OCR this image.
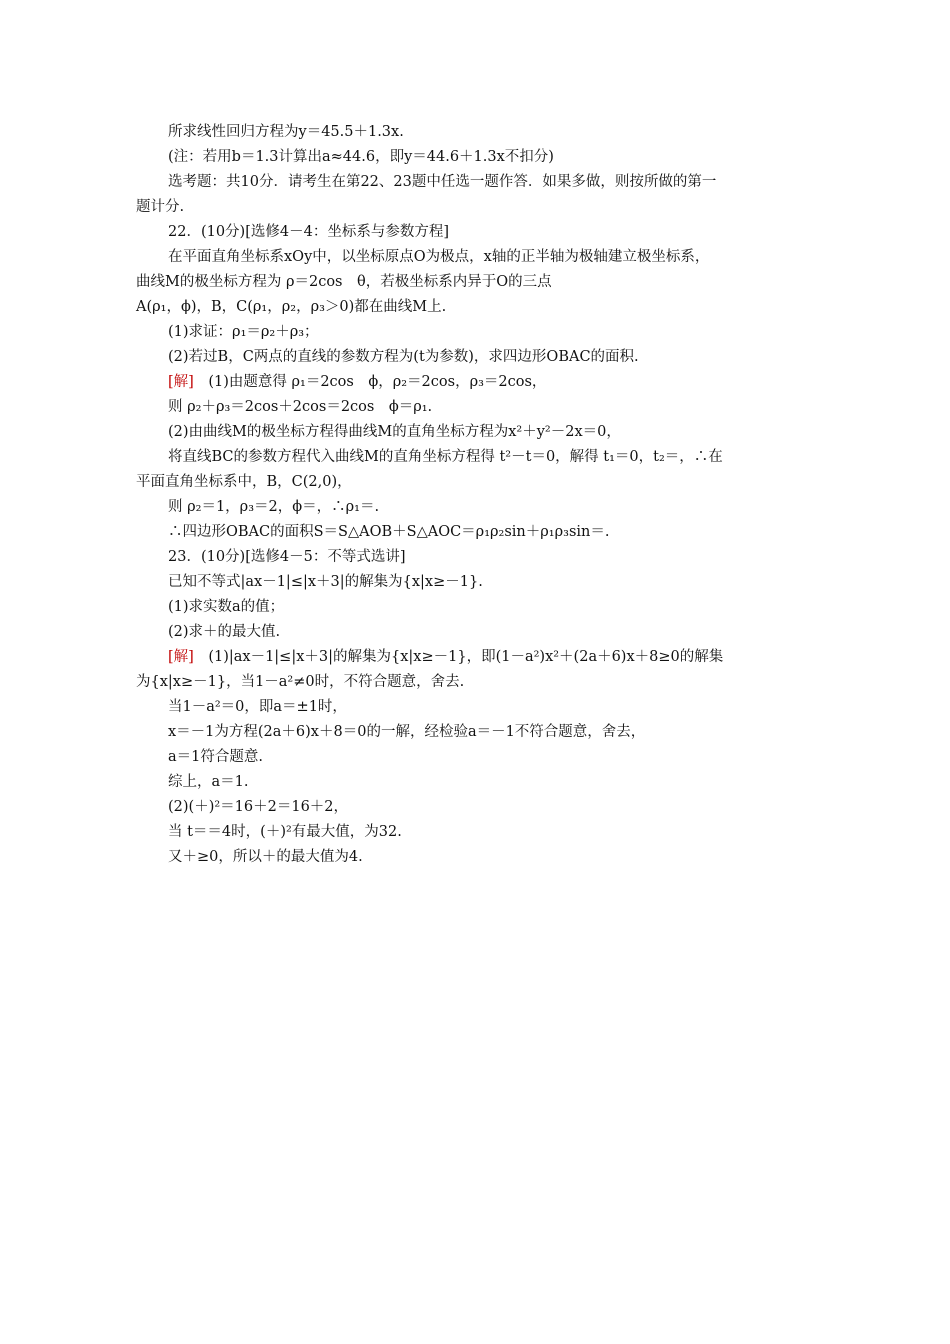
所求线性回归方程为y＝45.5＋1.3x.
(注：若用b＝1.3计算出a≈44.6，即y＝44.6＋1.3x不扣分)
选考题：共10分．请考生在第22、23题中任选一题作答．如果多做，则按所做的第一
题计分.
22．(10分)[选修4－4：坐标系与参数方程]
在平面直角坐标系xOy中，以坐标原点O为极点，x轴的正半轴为极轴建立极坐标系，
曲线M的极坐标方程为 ρ＝2cos　θ，若极坐标系内异于O的三点
A(ρ₁，ϕ)，B，C(ρ₁，ρ₂，ρ₃＞0)都在曲线M上.
(1)求证：ρ₁＝ρ₂＋ρ₃；
(2)若过B，C两点的直线的参数方程为(t为参数)，求四边形OBAC的面积.
[解]　(1)由题意得 ρ₁＝2cos　ϕ，ρ₂＝2cos，ρ₃＝2cos，
则 ρ₂＋ρ₃＝2cos＋2cos＝2cos　ϕ＝ρ₁.
(2)由曲线M的极坐标方程得曲线M的直角坐标方程为x²＋y²－2x＝0，
将直线BC的参数方程代入曲线M的直角坐标方程得 t²－t＝0，解得 t₁＝0，t₂＝，∴在
平面直角坐标系中，B，C(2,0)，
则 ρ₂＝1，ρ₃＝2，ϕ＝，∴ρ₁＝.
∴四边形OBAC的面积S＝S△AOB＋S△AOC＝ρ₁ρ₂sin＋ρ₁ρ₃sin＝.
23．(10分)[选修4－5：不等式选讲]
已知不等式|ax－1|≤|x＋3|的解集为{x|x≥－1}.
(1)求实数a的值；
(2)求＋的最大值.
[解]　(1)|ax－1|≤|x＋3|的解集为{x|x≥－1}，即(1－a²)x²＋(2a＋6)x＋8≥0的解集
为{x|x≥－1}，当1－a²≠0时，不符合题意，舍去.
当1－a²＝0，即a＝±1时，
x＝－1为方程(2a＋6)x＋8＝0的一解，经检验a＝－1不符合题意，舍去，
a＝1符合题意.
综上，a＝1.
(2)(＋)²＝16＋2＝16＋2，
当 t＝＝4时，(＋)²有最大值，为32.
又＋≥0，所以＋的最大值为4.
